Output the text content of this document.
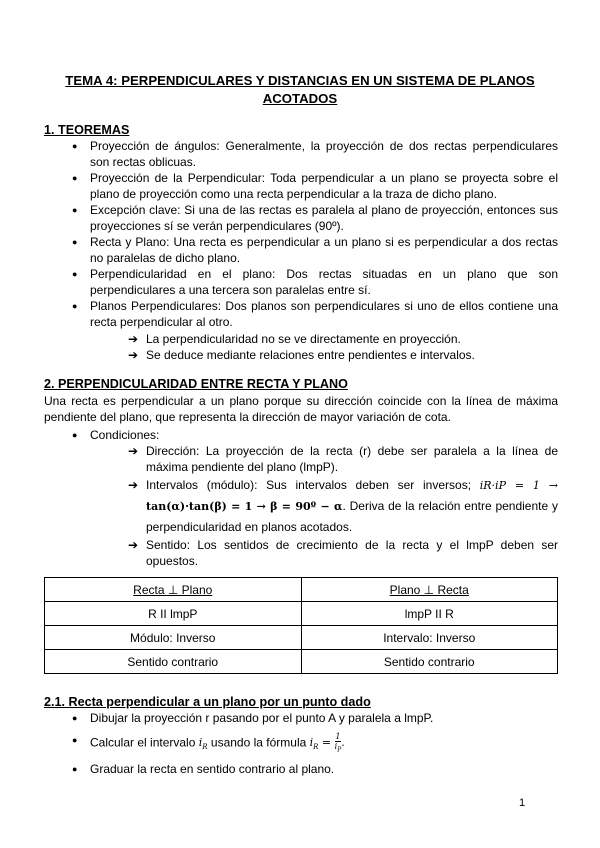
TEMA 4: PERPENDICULARES Y DISTANCIAS EN UN SISTEMA DE PLANOS ACOTADOS
1. TEOREMAS
● Proyección de ángulos: Generalmente, la proyección de dos rectas perpendiculares son rectas oblicuas.
● Proyección de la Perpendicular: Toda perpendicular a un plano se proyecta sobre el plano de proyección como una recta perpendicular a la traza de dicho plano.
● Excepción clave: Si una de las rectas es paralela al plano de proyección, entonces sus proyecciones sí se verán perpendiculares (90º).
● Recta y Plano: Una recta es perpendicular a un plano si es perpendicular a dos rectas no paralelas de dicho plano.
● Perpendicularidad en el plano: Dos rectas situadas en un plano que son perpendiculares a una tercera son paralelas entre sí.
● Planos Perpendiculares: Dos planos son perpendiculares si uno de ellos contiene una recta perpendicular al otro.
➔ La perpendicularidad no se ve directamente en proyección.
➔ Se deduce mediante relaciones entre pendientes e intervalos.
2. PERPENDICULARIDAD ENTRE RECTA Y PLANO

Una recta es perpendicular a un plano porque su dirección coincide con la línea de máxima pendiente del plano, que representa la dirección de mayor variación de cota.

● Condiciones:
➔ Dirección: La proyección de la recta (r) debe ser paralela a la línea de máxima pendiente del plano (lmpP).
➔ Intervalos (módulo): Sus intervalos deben ser inversos; iR·iP = 1 → tan(α)·tan(β) = 1 → β = 90º − α. Deriva de la relación entre pendiente y perpendicularidad en planos acotados.
➔ Sentido: Los sentidos de crecimiento de la recta y el lmpP deben ser opuestos.
Recta ⊥ Plano	Plano ⊥ Recta
R II lmpP	lmpP II R
Módulo: Inverso	Intervalo: Inverso
Sentido contrario	Sentido contrario
2.1. Recta perpendicular a un plano por un punto dado
● Dibujar la proyección r pasando por el punto A y paralela a lmpP.
● Calcular el intervalo $i_R$ usando la fórmula $i_R = \frac{1}{i_P}$ .
● Graduar la recta en sentido contrario al plano.
1
